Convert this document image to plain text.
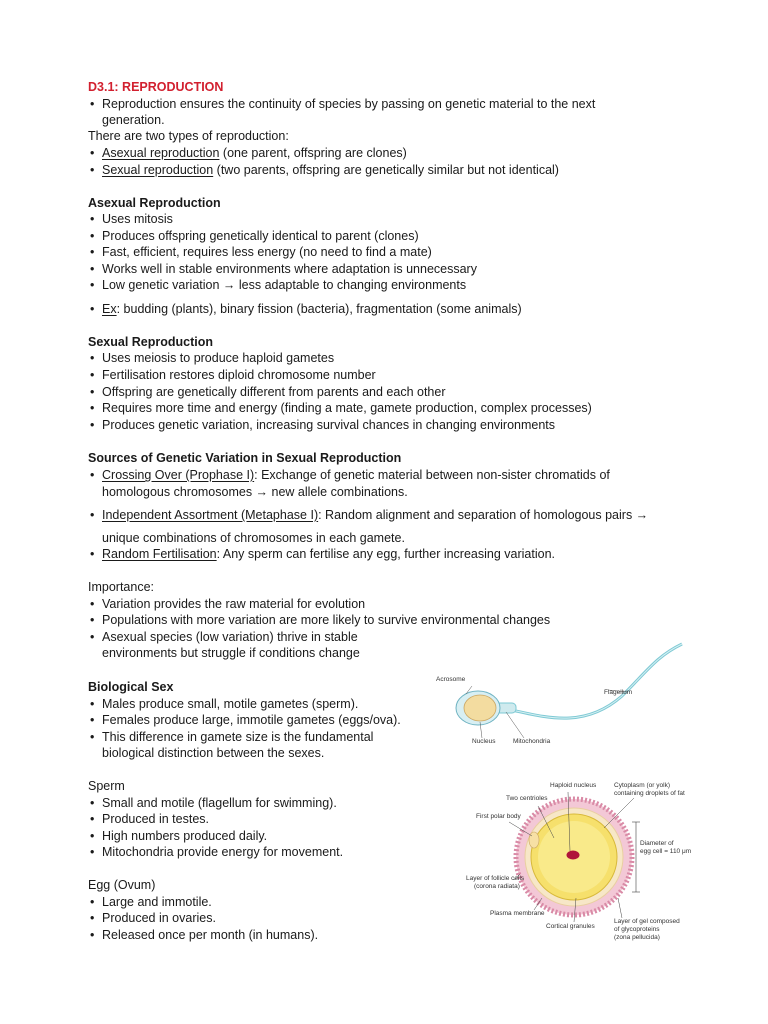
D3.1: REPRODUCTION
Reproduction ensures the continuity of species by passing on genetic material to the next
generation.
There are two types of reproduction:
Asexual reproduction (one parent, offspring are clones)
Sexual reproduction (two parents, offspring are genetically similar but not identical)
Asexual Reproduction
Uses mitosis
Produces offspring genetically identical to parent (clones)
Fast, efficient, requires less energy (no need to find a mate)
Works well in stable environments where adaptation is unnecessary
Low genetic variation → less adaptable to changing environments
Ex: budding (plants), binary fission (bacteria), fragmentation (some animals)
Sexual Reproduction
Uses meiosis to produce haploid gametes
Fertilisation restores diploid chromosome number
Offspring are genetically different from parents and each other
Requires more time and energy (finding a mate, gamete production, complex processes)
Produces genetic variation, increasing survival chances in changing environments
Sources of Genetic Variation in Sexual Reproduction
Crossing Over (Prophase I): Exchange of genetic material between non-sister chromatids of
homologous chromosomes → new allele combinations.
Independent Assortment (Metaphase I): Random alignment and separation of homologous pairs →
unique combinations of chromosomes in each gamete.
Random Fertilisation: Any sperm can fertilise any egg, further increasing variation.
Importance:
Variation provides the raw material for evolution
Populations with more variation are more likely to survive environmental changes
Asexual species (low variation) thrive in stable
environments but struggle if conditions change
Biological Sex
Males produce small, motile gametes (sperm).
Females produce large, immotile gametes (eggs/ova).
This difference in gamete size is the fundamental
biological distinction between the sexes.
Sperm
Small and motile (flagellum for swimming).
Produced in testes.
High numbers produced daily.
Mitochondria provide energy for movement.
Egg (Ovum)
Large and immotile.
Produced in ovaries.
Released once per month (in humans).
Acrosome
Flagellum
Nucleus	Mitochondria
Haploid nucleus	Cytoplasm (or yolk)
containing droplets of fat
Two centrioles
First polar body
Diameter of
egg cell = 110 μm
Layer of follicle cells
(corona radiata)
Plasma membrane
Cortical granules
Layer of gel composed
of glycoproteins
(zona pellucida)
